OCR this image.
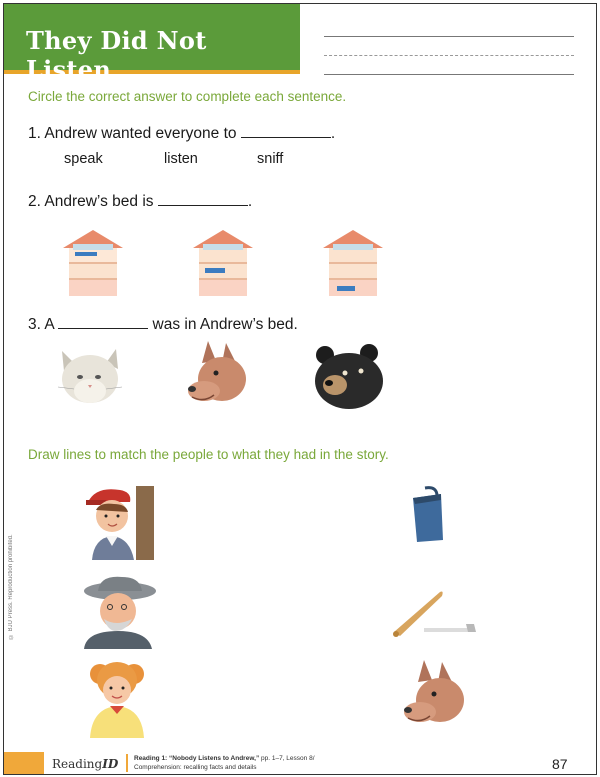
They Did Not Listen
Circle the correct answer to complete each sentence.
1. Andrew wanted everyone to	.
speak	listen	sniff
2. Andrew’s bed is	.
3. A	was in Andrew’s bed.
Draw lines to match the people to what they had in the story.
© BJU Press. Reproduction prohibited.
ReadingID Reading 1: “Nobody Listens to Andrew,” pp. 1–7, Lesson 8/
Comprehension: recalling facts and details	87
